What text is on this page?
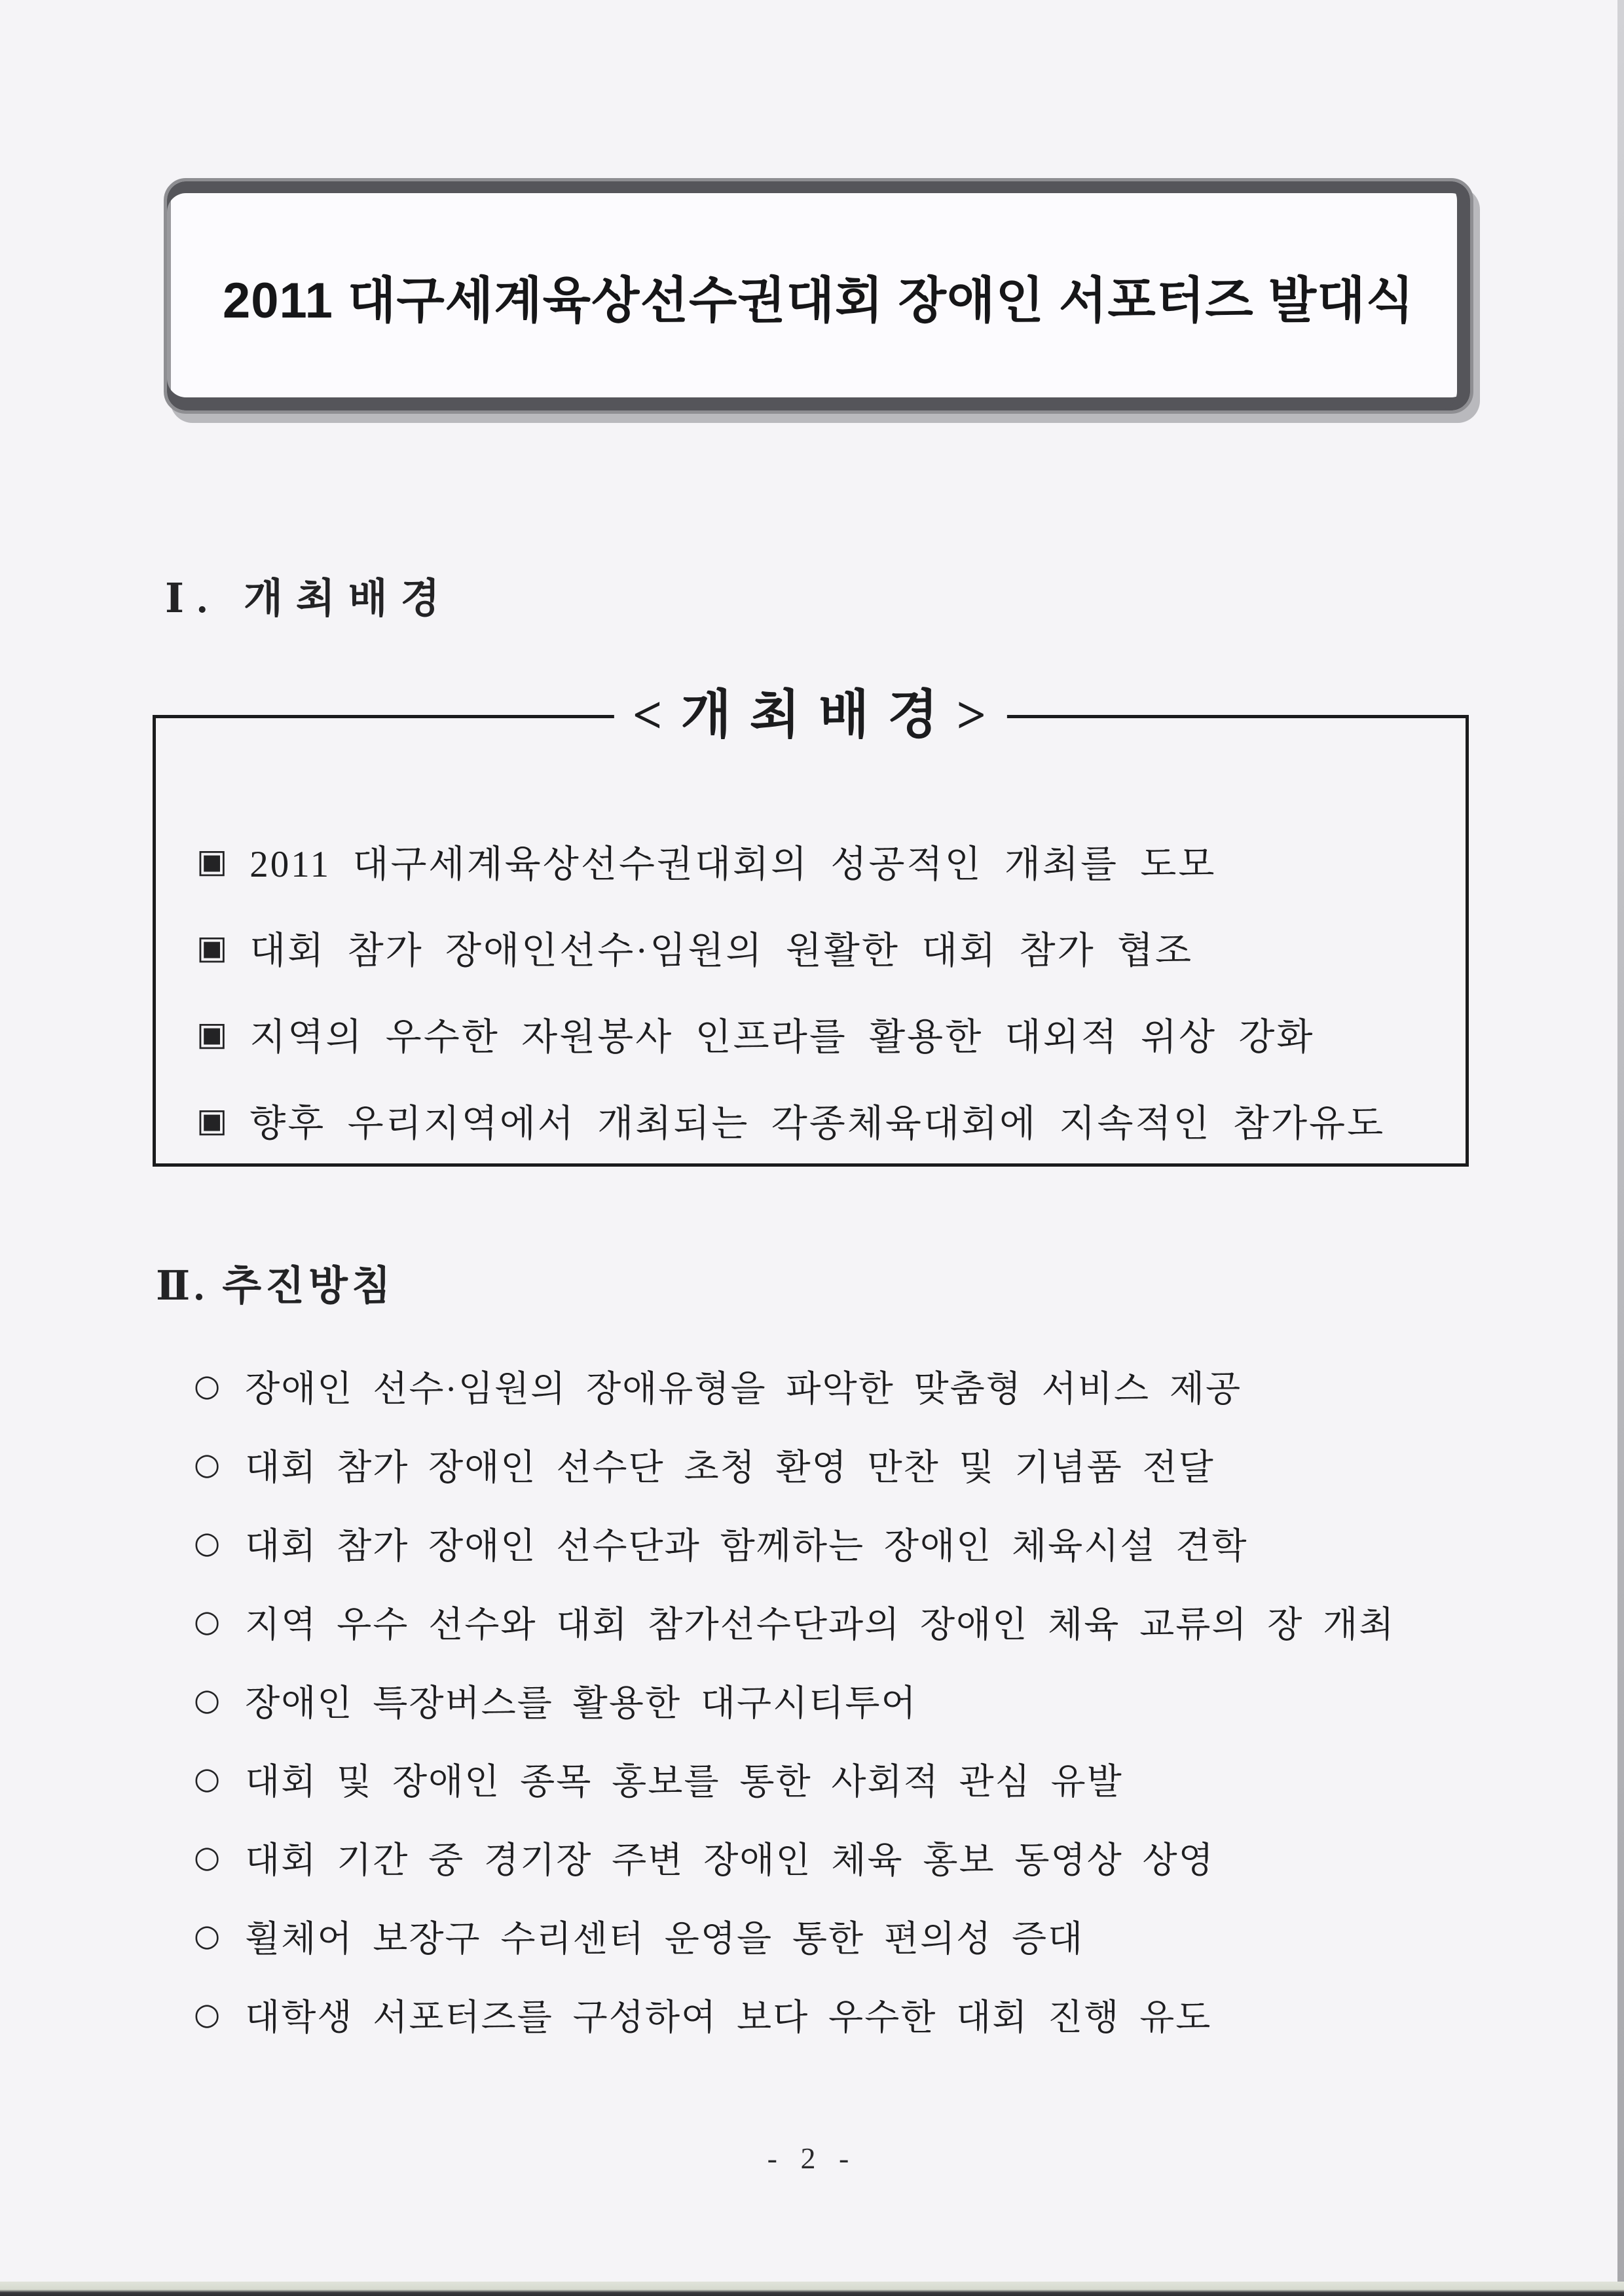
2011 대구세계육상선수권대회 장애인 서포터즈 발대식
Ⅰ. 개최배경
< 개 최 배 경 >
▣ 2011 대구세계육상선수권대회의 성공적인 개최를 도모
▣ 대회 참가 장애인선수·임원의 원활한 대회 참가 협조
▣ 지역의 우수한 자원봉사 인프라를 활용한 대외적 위상 강화
▣ 향후 우리지역에서 개최되는 각종체육대회에 지속적인 참가유도
Ⅱ. 추진방침
○ 장애인 선수·임원의 장애유형을 파악한 맞춤형 서비스 제공
○ 대회 참가 장애인 선수단 초청 환영 만찬 및 기념품 전달
○ 대회 참가 장애인 선수단과 함께하는 장애인 체육시설 견학
○ 지역 우수 선수와 대회 참가선수단과의 장애인 체육 교류의 장 개최
○ 장애인 특장버스를 활용한 대구시티투어
○ 대회 및 장애인 종목 홍보를 통한 사회적 관심 유발
○ 대회 기간 중 경기장 주변 장애인 체육 홍보 동영상 상영
○ 휠체어 보장구 수리센터 운영을 통한 편의성 증대
○ 대학생 서포터즈를 구성하여 보다 우수한 대회 진행 유도
- 2 -
